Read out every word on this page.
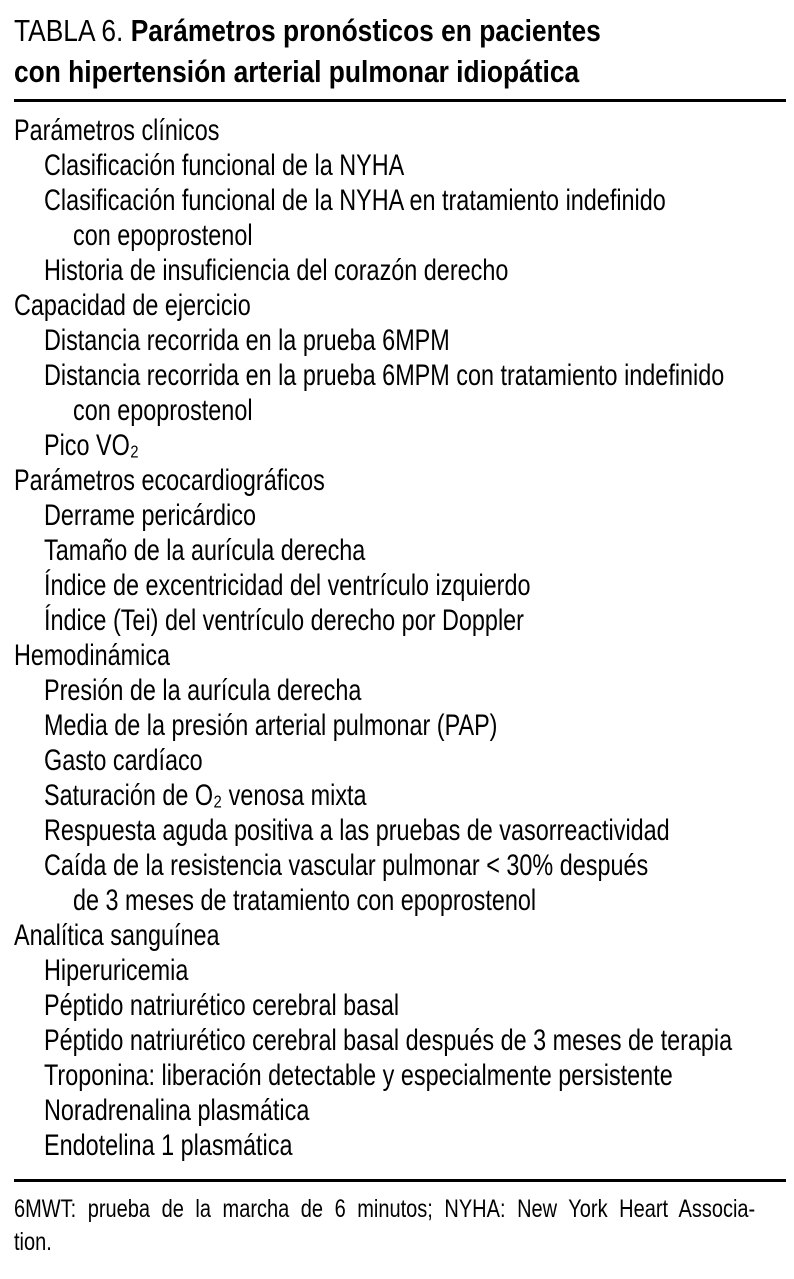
TABLA 6. Parámetros pronósticos en pacientes
con hipertensión arterial pulmonar idiopática
Parámetros clínicos
Clasificación funcional de la NYHA
Clasificación funcional de la NYHA en tratamiento indefinido
con epoprostenol
Historia de insuficiencia del corazón derecho
Capacidad de ejercicio
Distancia recorrida en la prueba 6MPM
Distancia recorrida en la prueba 6MPM con tratamiento indefinido
con epoprostenol
Pico VO₂
Parámetros ecocardiográficos
Derrame pericárdico
Tamaño de la aurícula derecha
Índice de excentricidad del ventrículo izquierdo
Índice (Tei) del ventrículo derecho por Doppler
Hemodinámica
Presión de la aurícula derecha
Media de la presión arterial pulmonar (PAP)
Gasto cardíaco
Saturación de O₂ venosa mixta
Respuesta aguda positiva a las pruebas de vasorreactividad
Caída de la resistencia vascular pulmonar < 30% después
de 3 meses de tratamiento con epoprostenol
Analítica sanguínea
Hiperuricemia
Péptido natriurético cerebral basal
Péptido natriurético cerebral basal después de 3 meses de terapia
Troponina: liberación detectable y especialmente persistente
Noradrenalina plasmática
Endotelina 1 plasmática
6MWT: prueba de la marcha de 6 minutos; NYHA: New York Heart Associa-
tion.
